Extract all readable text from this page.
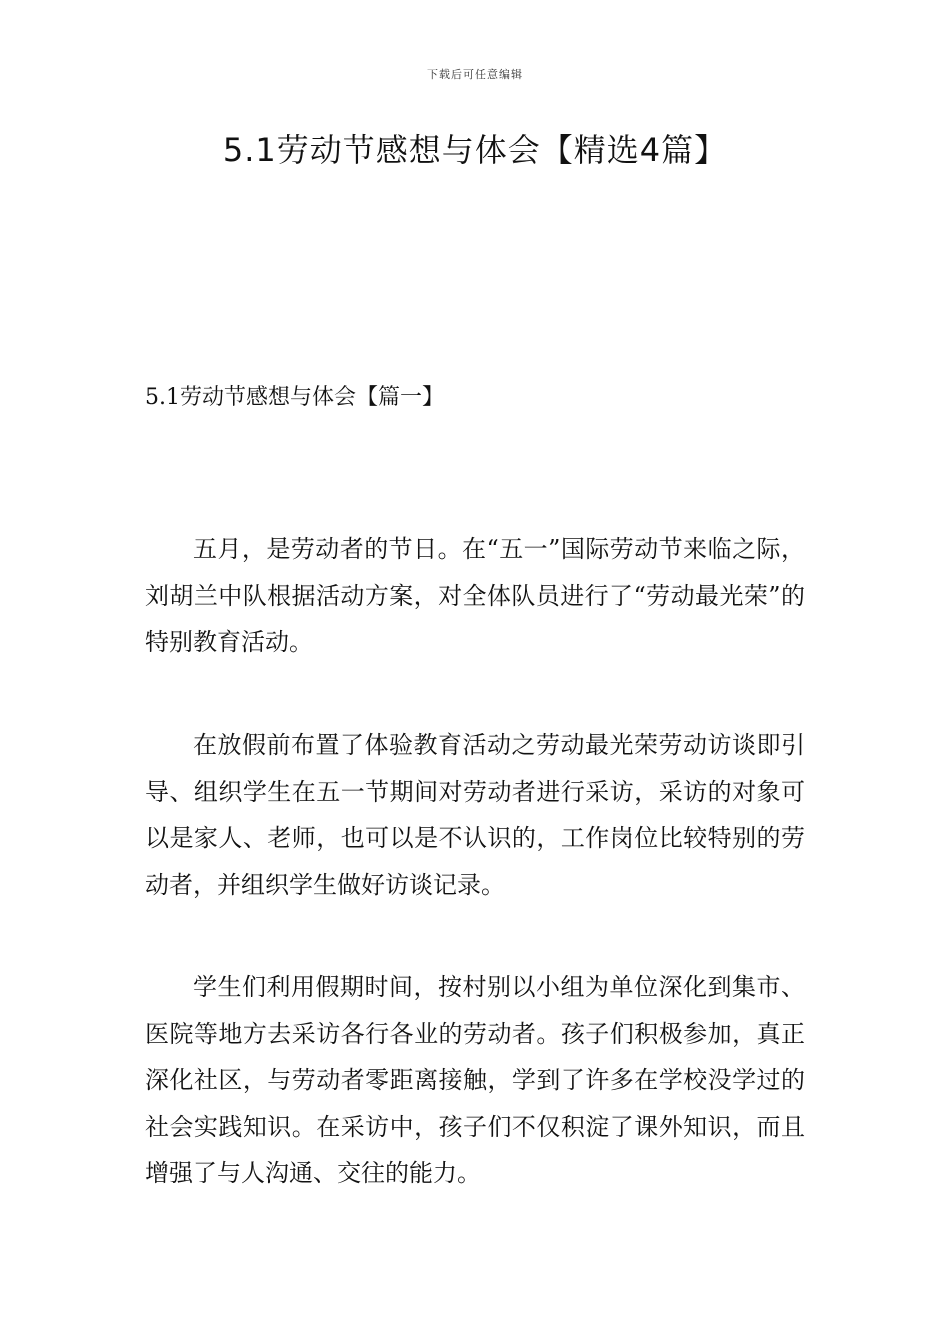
下载后可任意编辑
5.1劳动节感想与体会【精选4篇】
5.1劳动节感想与体会【篇一】

五月，是劳动者的节日。在“五一”国际劳动节来临之际，刘胡兰中队根据活动方案，对全体队员进行了“劳动最光荣”的特别教育活动。

在放假前布置了体验教育活动之劳动最光荣劳动访谈即引导、组织学生在五一节期间对劳动者进行采访，采访的对象可以是家人、老师，也可以是不认识的，工作岗位比较特别的劳动者，并组织学生做好访谈记录。

学生们利用假期时间，按村别以小组为单位深化到集市、医院等地方去采访各行各业的劳动者。孩子们积极参加，真正深化社区，与劳动者零距离接触，学到了许多在学校没学过的社会实践知识。在采访中，孩子们不仅积淀了课外知识，而且增强了与人沟通、交往的能力。
